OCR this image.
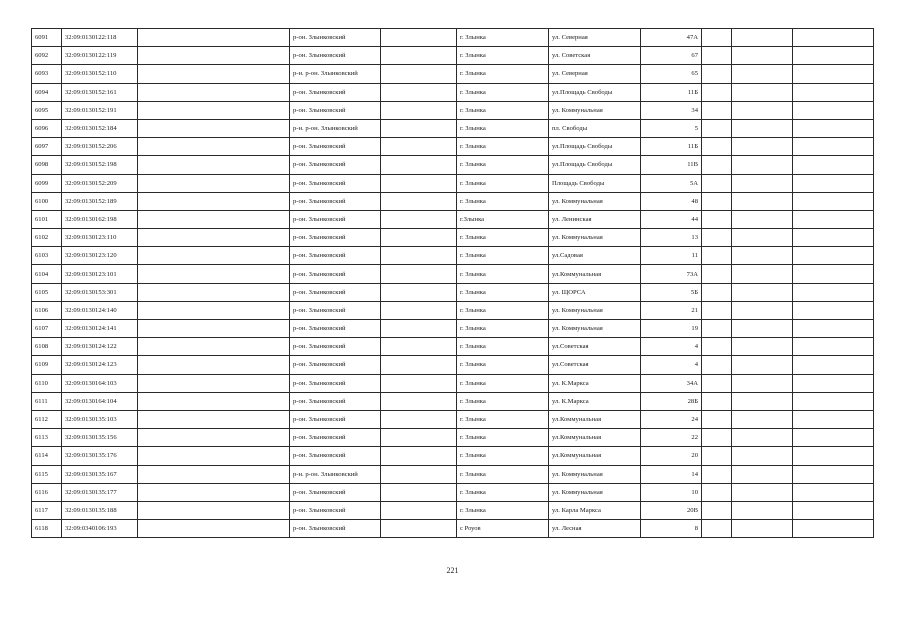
6091	32:09:0130122:118		р-он. Злынковский		г. Злынка	ул. Северная	47А			
6092	32:09:0130122:119		р-он. Злынковский		г. Злынка	ул. Советская	67			
6093	32:09:0130152:110		р-н. р-он. Злынковский		г. Злынка	ул. Северная	65			
6094	32:09:0130152:161		р-он. Злынковский		г. Злынка	ул.Площадь Свободы	11Б			
6095	32:09:0130152:191		р-он. Злынковский		г. Злынка	ул. Коммунальная	34			
6096	32:09:0130152:184		р-н. р-он. Злынковский		г. Злынка	пл. Свободы	5			
6097	32:09:0130152:206		р-он. Злынковский		г. Злынка	ул.Площадь Свободы	11Б			
6098	32:09:0130152:198		р-он. Злынковский		г. Злынка	ул.Площадь Свободы	11В			
6099	32:09:0130152:209		р-он. Злынковский		г. Злынка	Площадь Свободы	5А			
6100	32:09:0130152:189		р-он. Злынковский		г. Злынка	ул. Коммунальная	48			
6101	32:09:0130162:198		р-он. Злынковский		г.Злынка	ул. Ленинская	44			
6102	32:09:0130123:110		р-он. Злынковский		г. Злынка	ул. Коммунальная	13			
6103	32:09:0130123:120		р-он. Злынковский		г. Злынка	ул.Садовая	11			
6104	32:09:0130123:101		р-он. Злынковский		г. Злынка	ул.Коммунальная	73А			
6105	32:09:0130153:301		р-он. Злынковский		г. Злынка	ул. ЩОРСА	5Б			
6106	32:09:0130124:140		р-он. Злынковский		г. Злынка	ул. Коммунальная	21			
6107	32:09:0130124:141		р-он. Злынковский		г. Злынка	ул. Коммунальная	19			
6108	32:09:0130124:122		р-он. Злынковский		г. Злынка	ул.Советская	4			
6109	32:09:0130124:123		р-он. Злынковский		г. Злынка	ул.Советская	4			
6110	32:09:0130164:103		р-он. Злынковский		г. Злынка	ул. К.Маркса	34А			
6111	32:09:0130164:104		р-он. Злынковский		г. Злынка	ул. К.Маркса	28Б			
6112	32:09:0130135:103		р-он. Злынковский		г. Злынка	ул.Коммунальная	24			
6113	32:09:0130135:156		р-он. Злынковский		г. Злынка	ул.Коммунальная	22			
6114	32:09:0130135:176		р-он. Злынковский		г. Злынка	ул.Коммунальная	20			
6115	32:09:0130135:167		р-н. р-он. Злынковский		г. Злынка	ул. Коммунальная	14			
6116	32:09:0130135:177		р-он. Злынковский		г. Злынка	ул. Коммунальная	10			
6117	32:09:0130135:188		р-он. Злынковский		г. Злынка	ул. Карла Маркса	20В			
6118	32:09:0340106:193		р-он. Злынковский		с Роуов	ул. Лесная	8			
221
